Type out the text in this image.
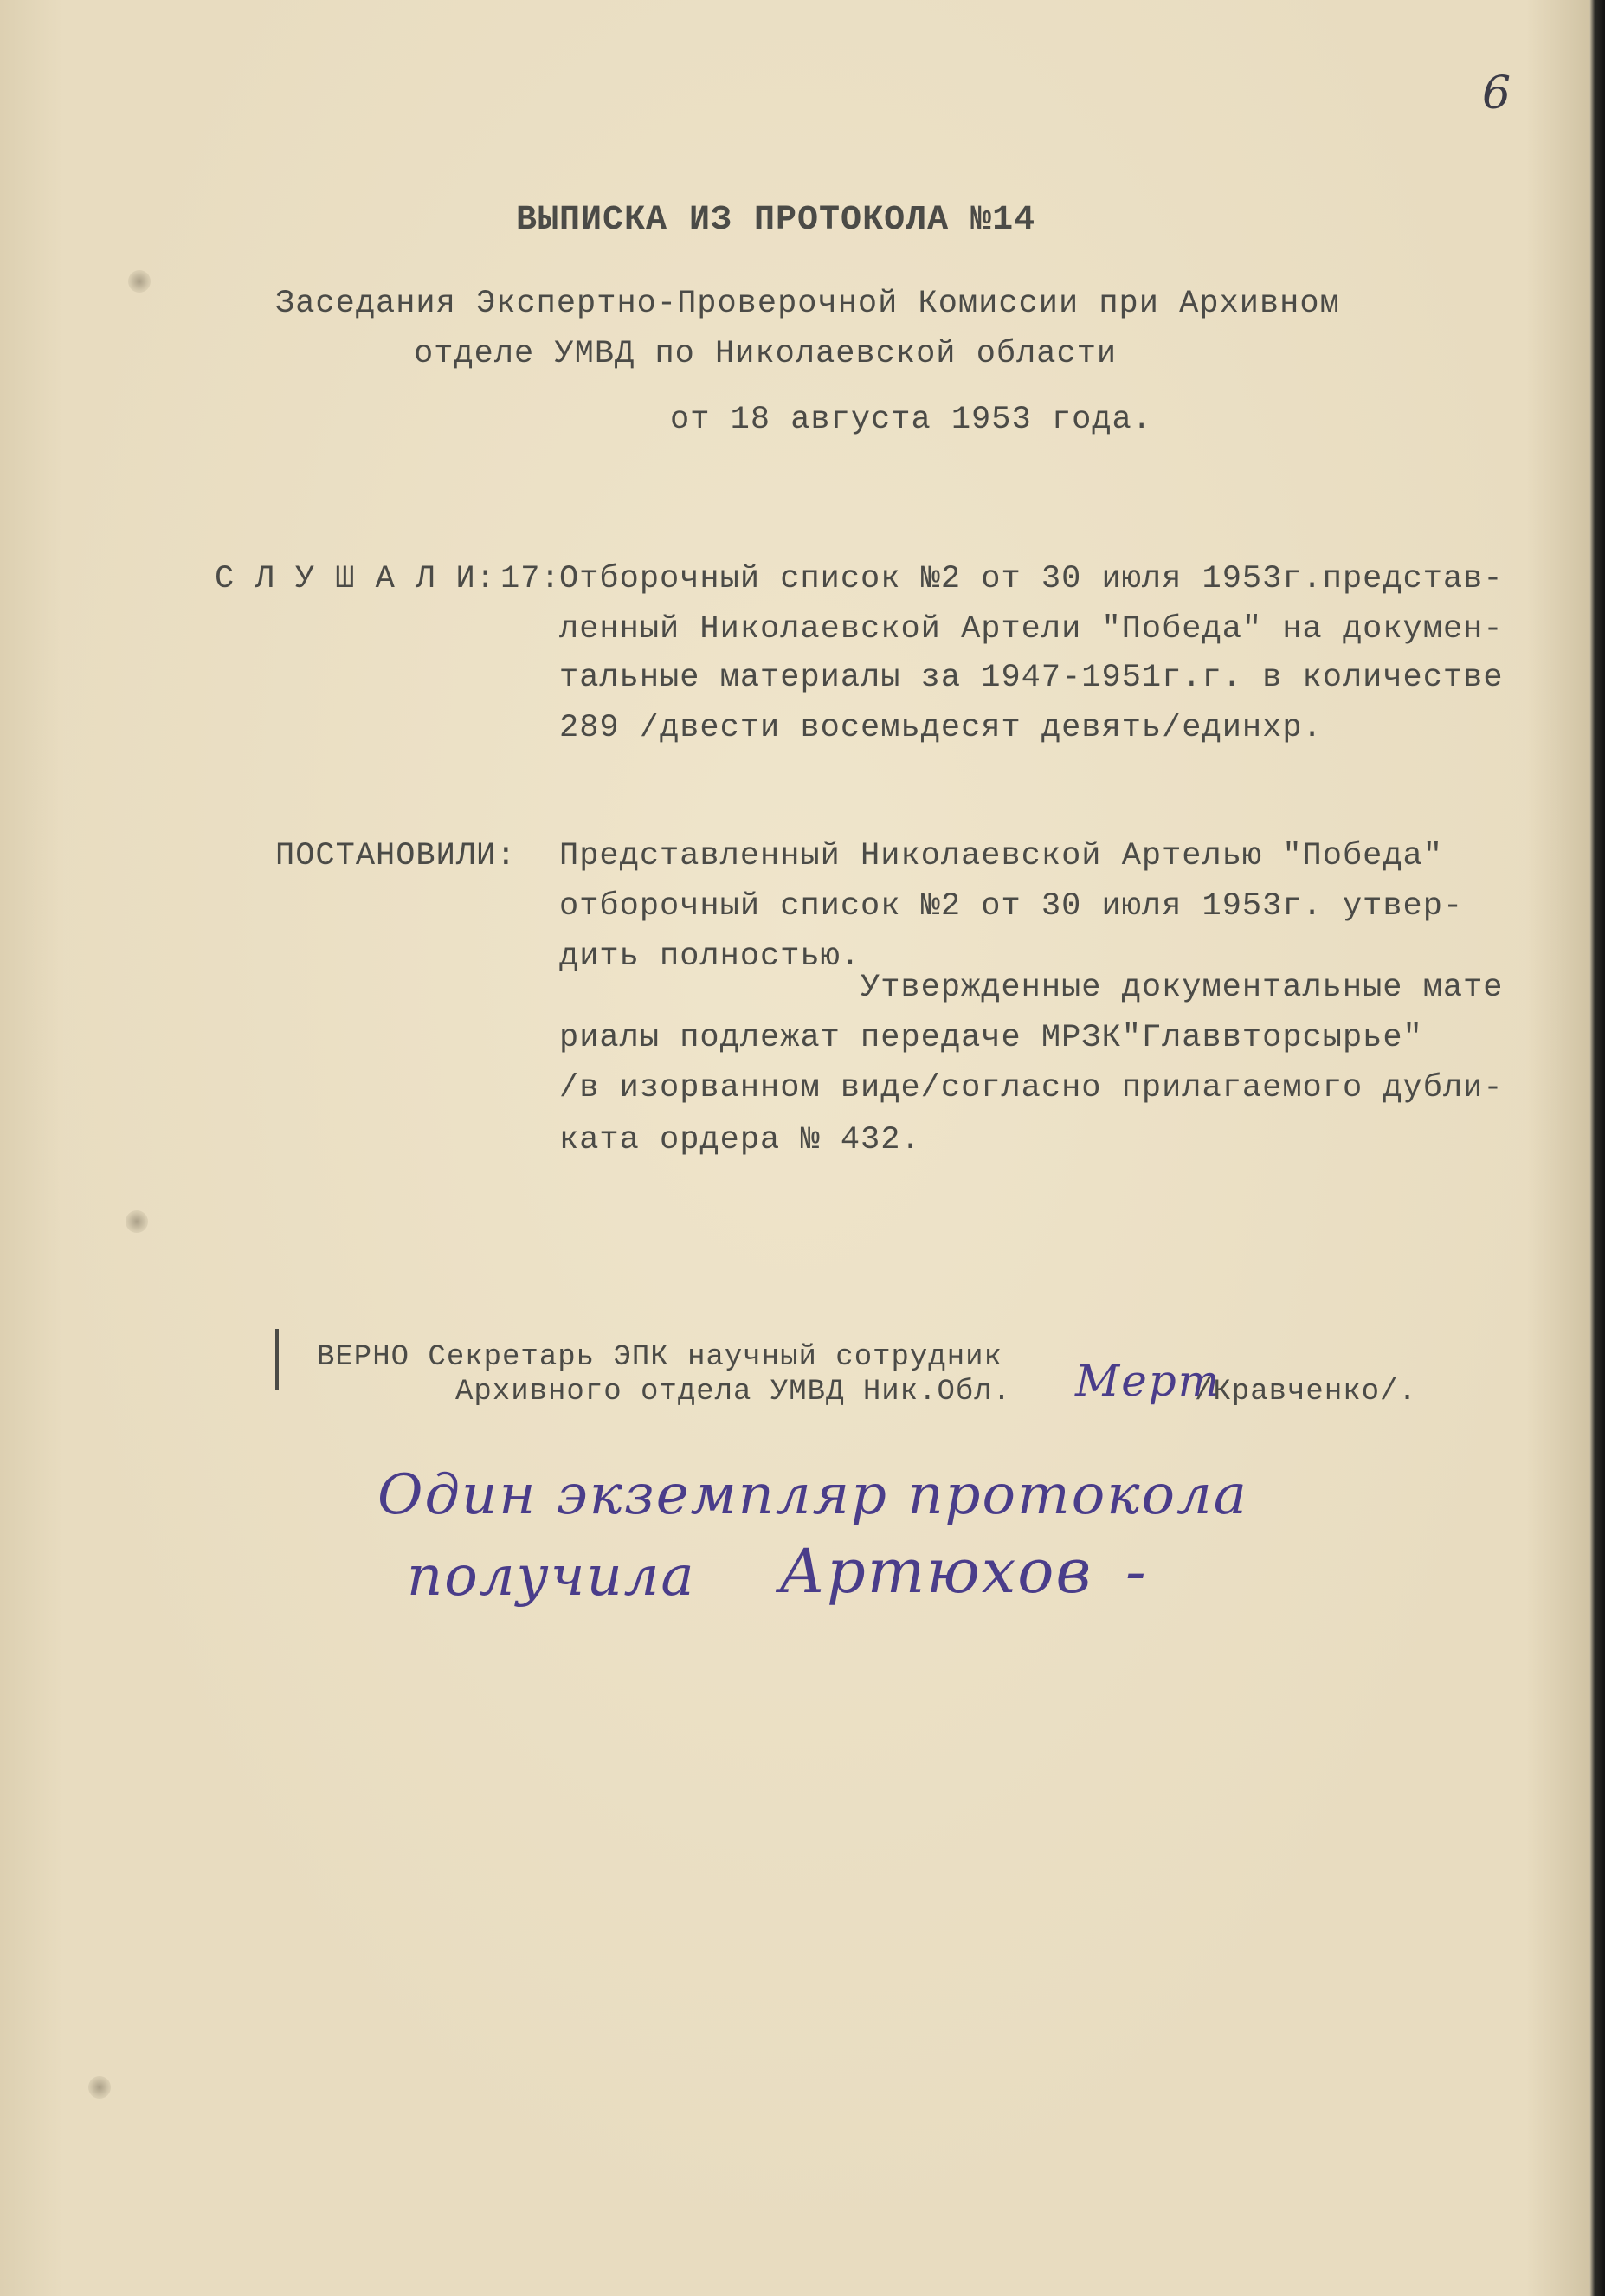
6
ВЫПИСКА ИЗ ПРОТОКОЛА №14
Заседания Экспертно-Проверочной Комиссии при Архивном
отделе УМВД по Николаевской области
от 18 августа 1953 года.
С Л У Ш А Л И: 17:
Отборочный список №2 от 30 июля 1953г.представ-
ленный Николаевской Артели "Победа" на докумен-
тальные материалы за 1947-1951г.г. в количестве
289 /двести восемьдесят девять/единхр.
ПОСТАНОВИЛИ: Представленный Николаевской Артелью "Победа"
отборочный список №2 от 30 июля 1953г. утвер-
дить полностью.
Утвержденные документальные мате
риалы подлежат передаче МРЗК"Главвторсырье"
/в изорванном виде/согласно прилагаемого дубли-
ката ордера № 432.
ВЕРНО Секретарь ЭПК научный сотрудник
Архивного отдела УМВД Ник.Обл. Мерт
/Кравченко/.
Один экземпляр протокола
получила Артюхов -
